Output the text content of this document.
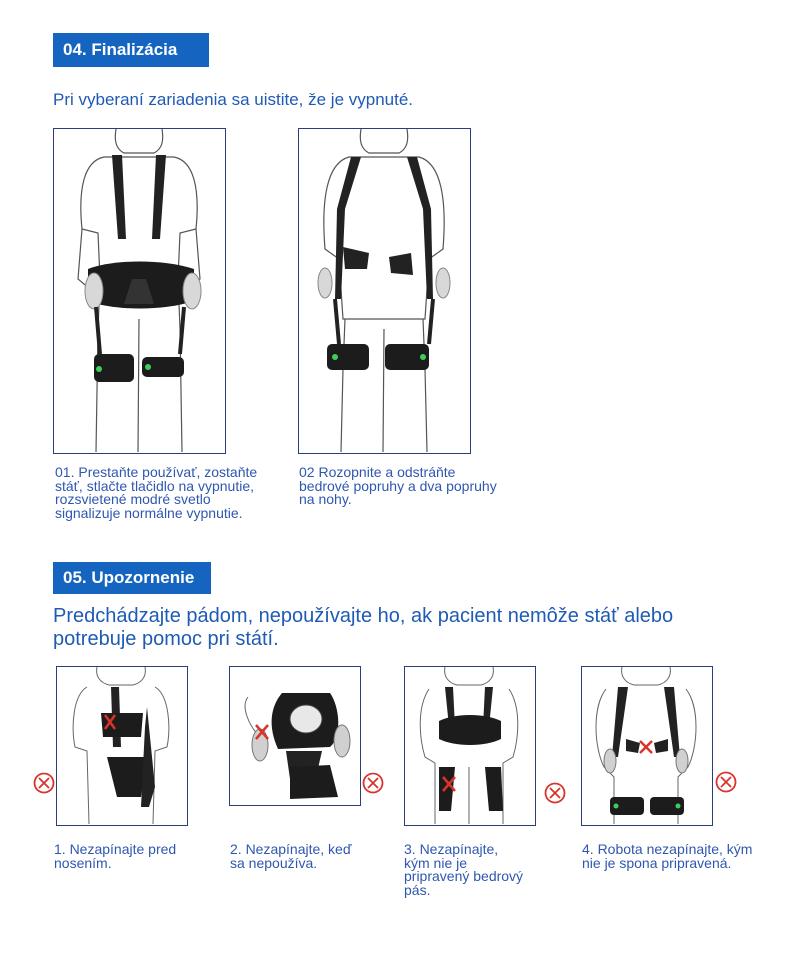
04. Finalizácia
Pri vyberaní zariadenia sa uistite, že je vypnuté.
01. Prestaňte používať, zostaňte stáť, stlačte tlačidlo na vypnutie, rozsvietené modré svetlo signalizuje normálne vypnutie.
02 Rozopnite a odstráňte bedrové popruhy a dva popruhy na nohy.
05. Upozornenie
Predchádzajte pádom, nepoužívajte ho, ak pacient nemôže stáť alebo potrebuje pomoc pri státí.
1. Nezapínajte pred nosením.
2. Nezapínajte, keď sa nepoužíva.
3. Nezapínajte, kým nie je pripravený bedrový pás.
4. Robota nezapínajte, kým nie je spona pripravená.
